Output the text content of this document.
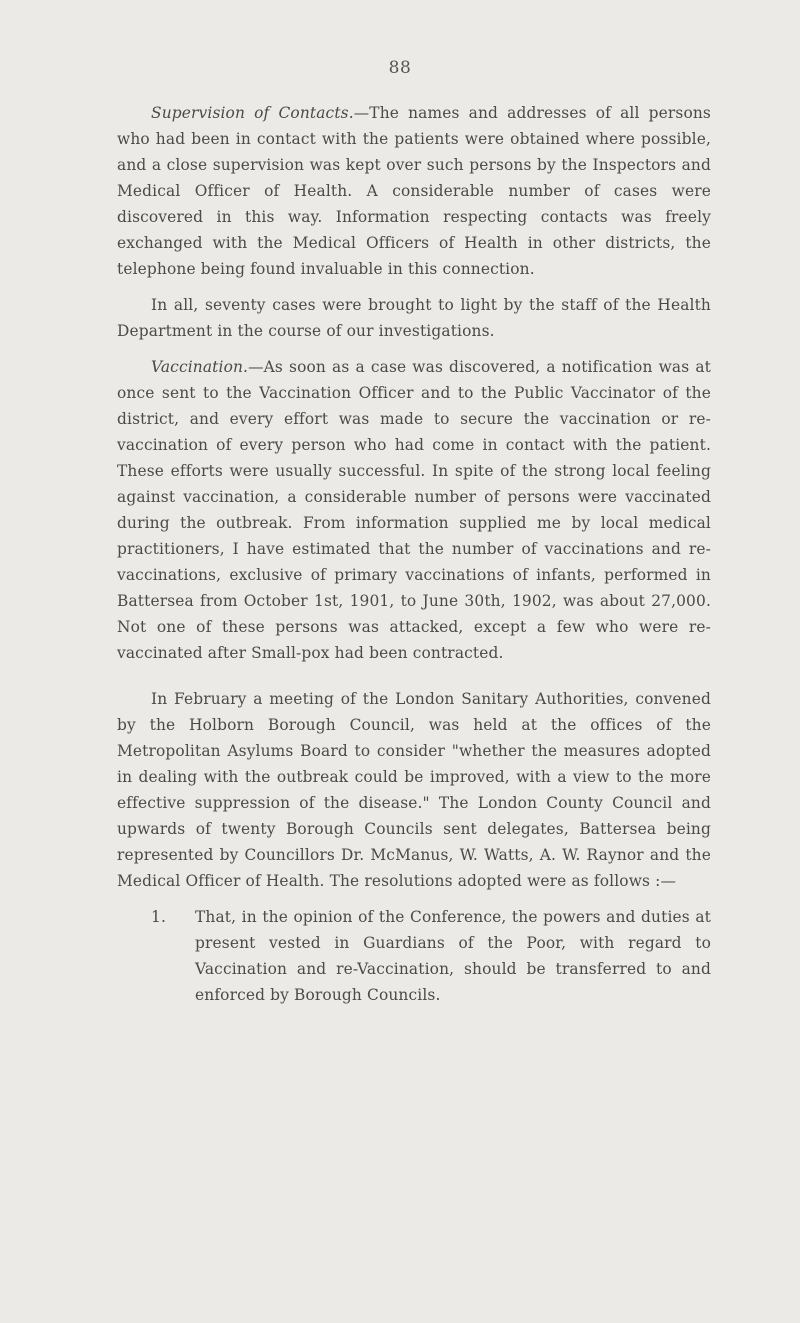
88

Supervision of Contacts.—The names and addresses of all persons who had been in contact with the patients were obtained where possible, and a close supervision was kept over such persons by the Inspectors and Medical Officer of Health. A considerable number of cases were discovered in this way. Information respecting contacts was freely exchanged with the Medical Officers of Health in other districts, the telephone being found invaluable in this connection.

In all, seventy cases were brought to light by the staff of the Health Department in the course of our investigations.

Vaccination.—As soon as a case was discovered, a notification was at once sent to the Vaccination Officer and to the Public Vaccinator of the district, and every effort was made to secure the vaccination or re-vaccination of every person who had come in contact with the patient. These efforts were usually successful. In spite of the strong local feeling against vaccination, a considerable number of persons were vaccinated during the outbreak. From information supplied me by local medical practitioners, I have estimated that the number of vaccinations and re-vaccinations, exclusive of primary vaccinations of infants, performed in Battersea from October 1st, 1901, to June 30th, 1902, was about 27,000. Not one of these persons was attacked, except a few who were re-vaccinated after Small-pox had been contracted.

In February a meeting of the London Sanitary Authorities, convened by the Holborn Borough Council, was held at the offices of the Metropolitan Asylums Board to consider "whether the measures adopted in dealing with the outbreak could be improved, with a view to the more effective suppression of the disease." The London County Council and upwards of twenty Borough Councils sent delegates, Battersea being represented by Councillors Dr. McManus, W. Watts, A. W. Raynor and the Medical Officer of Health. The resolutions adopted were as follows :—

1. That, in the opinion of the Conference, the powers and duties at present vested in Guardians of the Poor, with regard to Vaccination and re-Vaccination, should be transferred to and enforced by Borough Councils.
